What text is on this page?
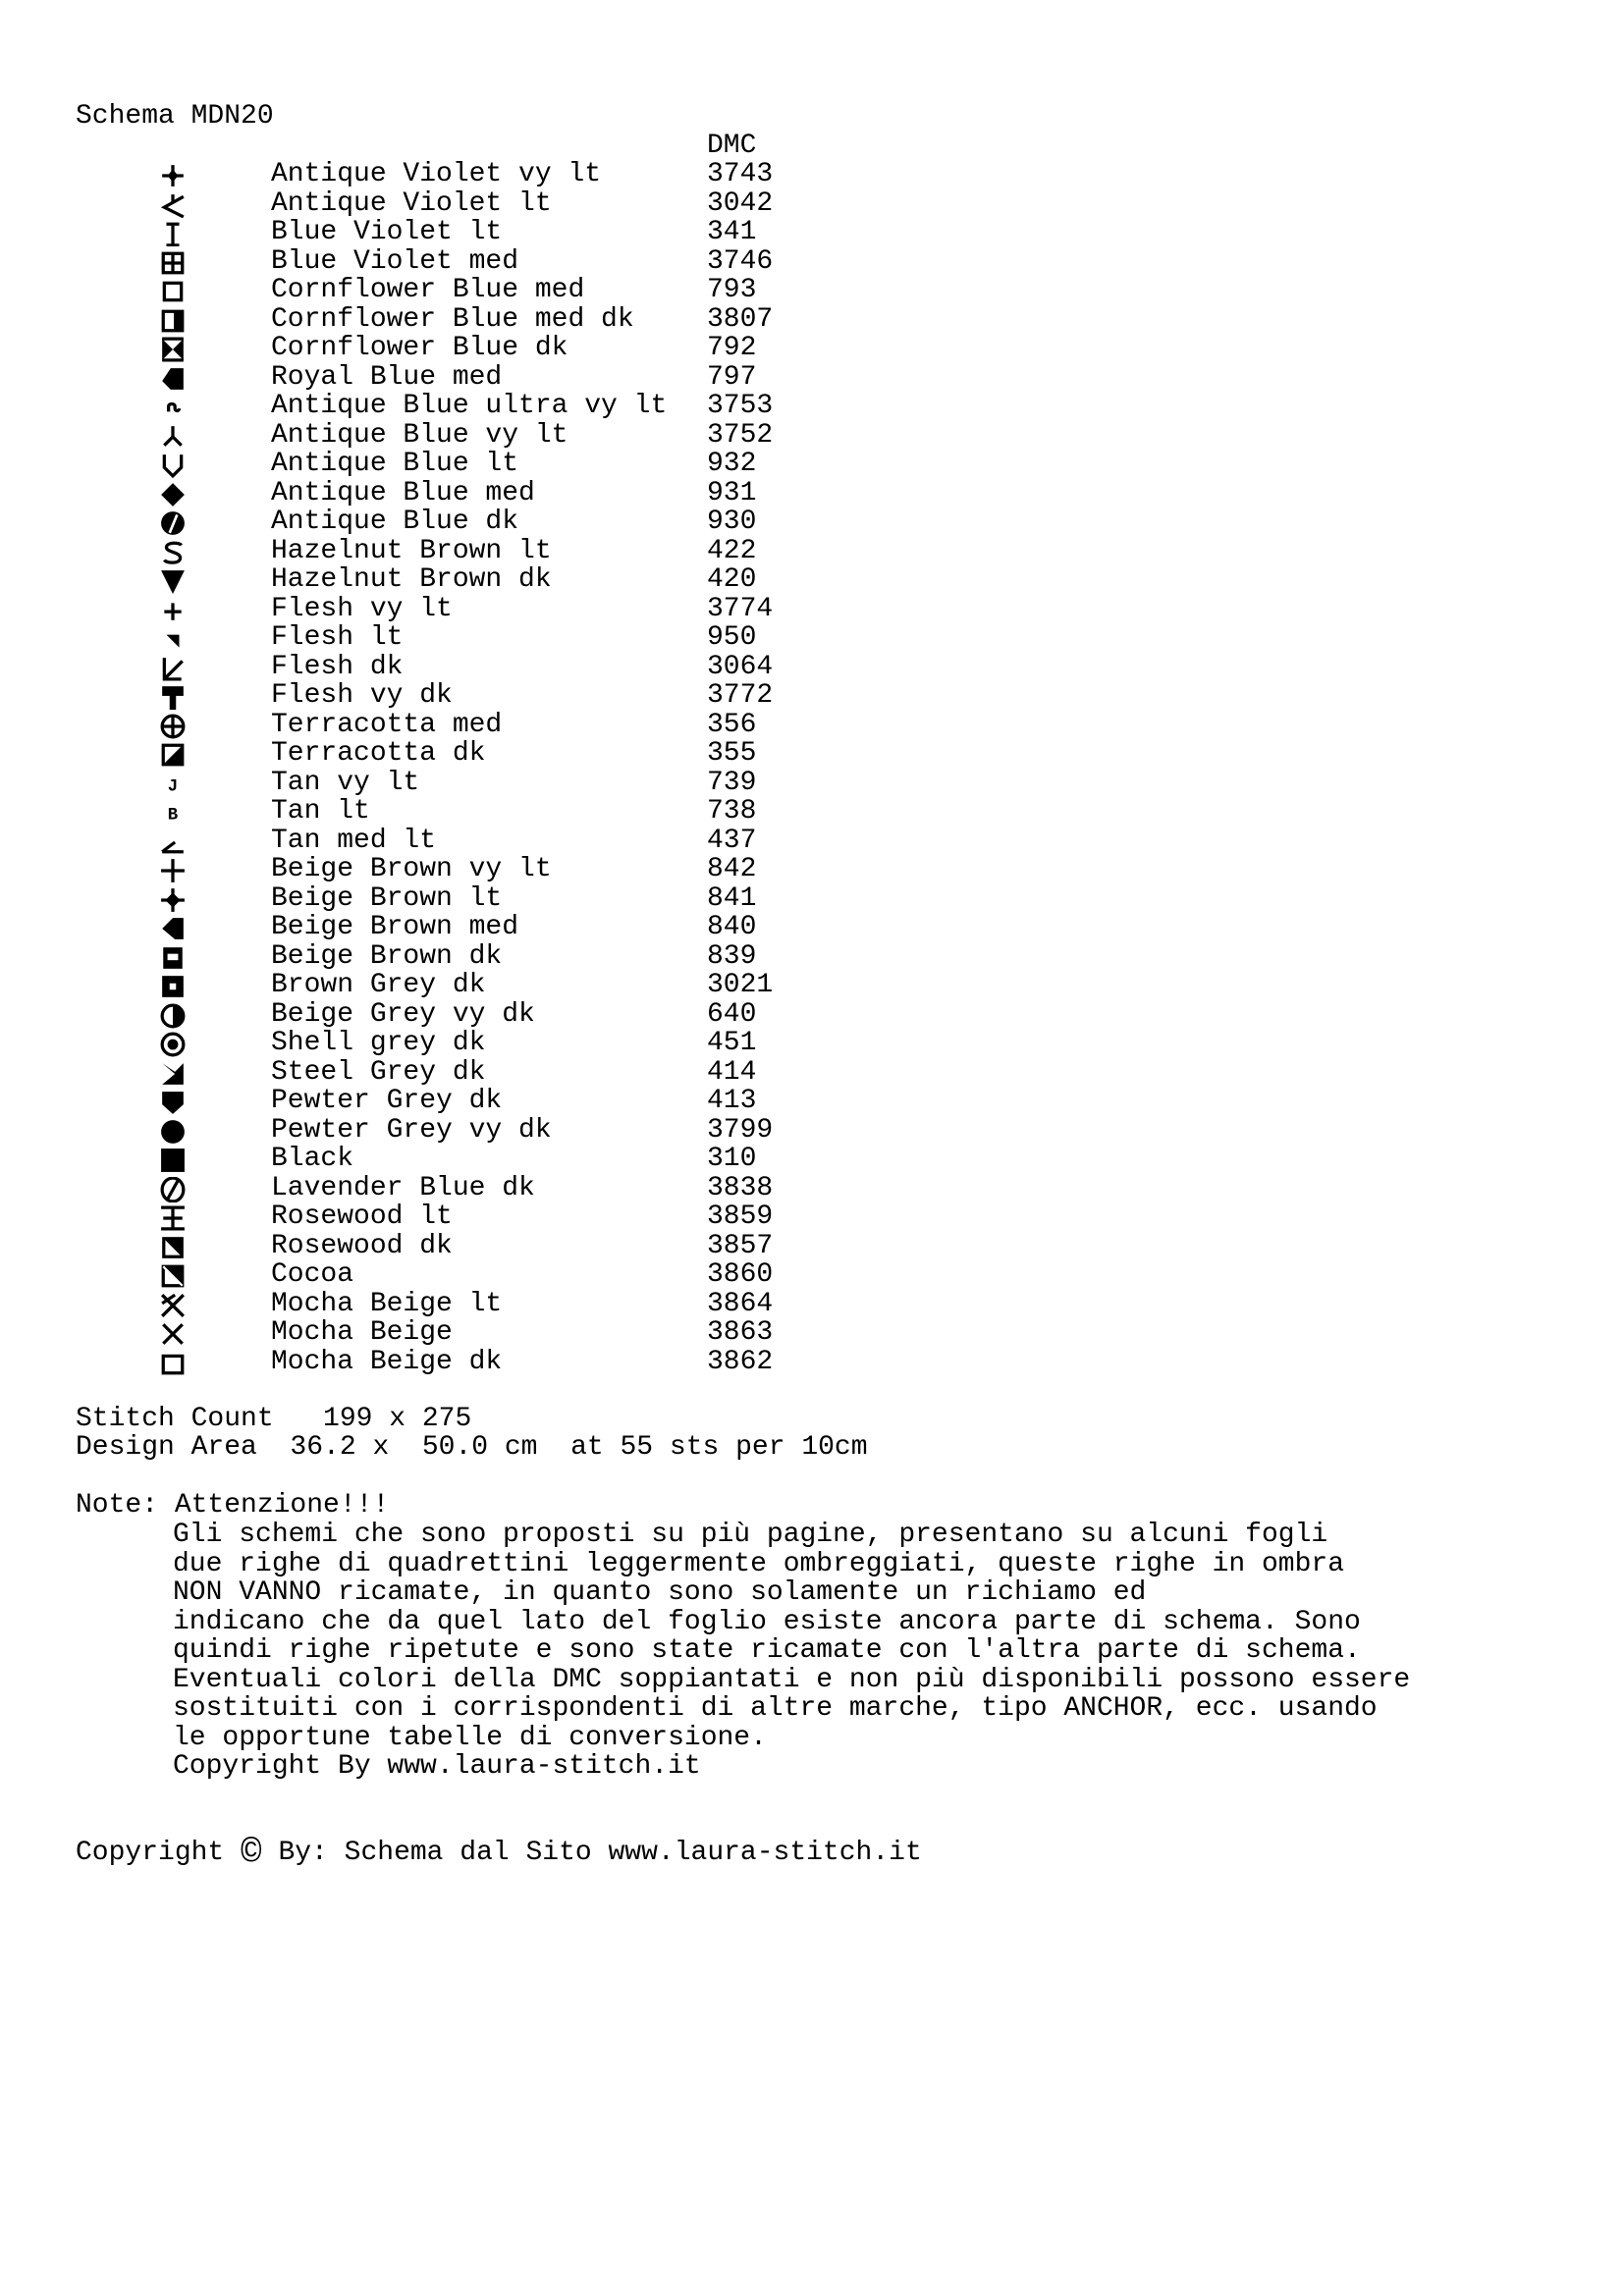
Schema MDN20
DMC
Antique Violet vy lt	3743
Antique Violet lt	3042
Blue Violet lt	341
Blue Violet med	3746
Cornflower Blue med	793
Cornflower Blue med dk	3807
Cornflower Blue dk	792
Royal Blue med	797
Antique Blue ultra vy lt 3753
Antique Blue vy lt	3752
Antique Blue lt	932
Antique Blue med	931
Antique Blue dk	930
Hazelnut Brown lt	422
Hazelnut Brown dk	420
Flesh vy lt	3774
Flesh lt	950
Flesh dk	3064
Flesh vy dk	3772
Terracotta med	356
Terracotta dk	355
J	Tan vy lt	739
B	Tan lt	738
Tan med lt	437
Beige Brown vy lt	842
Beige Brown lt	841
Beige Brown med	840
Beige Brown dk	839
Brown Grey dk	3021
Beige Grey vy dk	640
Shell grey dk	451
Steel Grey dk	414
Pewter Grey dk	413
Pewter Grey vy dk	3799
Black	310
Lavender Blue dk	3838
Rosewood lt	3859
Rosewood dk	3857
Cocoa	3860
Mocha Beige lt	3864
Mocha Beige	3863
Mocha Beige dk	3862
Stitch Count   199 x 275
Design Area  36.2 x  50.0 cm  at 55 sts per 10cm
Note: Attenzione!!!
Gli schemi che sono proposti su più pagine, presentano su alcuni fogli
due righe di quadrettini leggermente ombreggiati, queste righe in ombra
NON VANNO ricamate, in quanto sono solamente un richiamo ed
indicano che da quel lato del foglio esiste ancora parte di schema. Sono
quindi righe ripetute e sono state ricamate con l'altra parte di schema.
Eventuali colori della DMC soppiantati e non più disponibili possono essere
sostituiti con i corrispondenti di altre marche, tipo ANCHOR, ecc. usando
le opportune tabelle di conversione.
Copyright By www.laura-stitch.it
Copyright © By: Schema dal Sito www.laura-stitch.it
